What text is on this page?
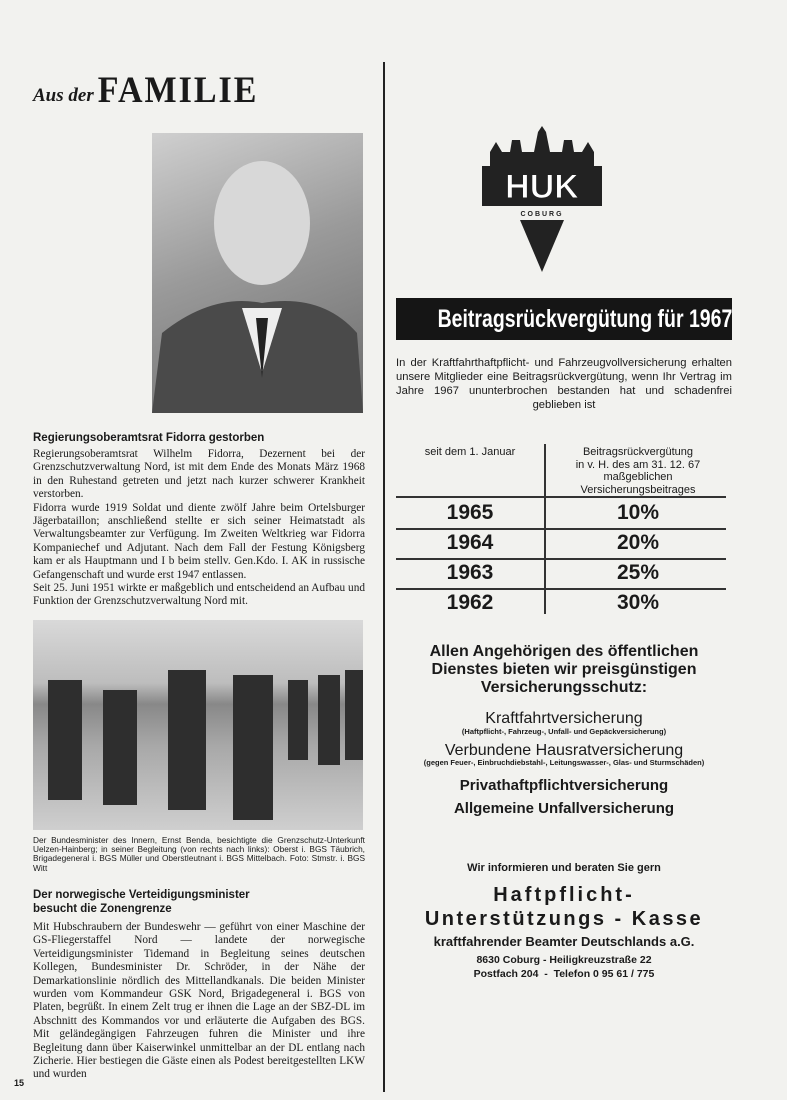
Aus der FAMILIE
Regierungsoberamtsrat Fidorra gestorben

Regierungsoberamtsrat Wilhelm Fidorra, Dezernent bei der Grenzschutzverwaltung Nord, ist mit dem Ende des Monats März 1968 in den Ruhestand getreten und jetzt nach kurzer schwerer Krankheit verstorben.

Fidorra wurde 1919 Soldat und diente zwölf Jahre beim Ortelsburger Jägerbataillon; anschließend stellte er sich seiner Heimatstadt als Verwaltungsbeamter zur Verfügung. Im Zweiten Weltkrieg war Fidorra Kompaniechef und Adjutant. Nach dem Fall der Festung Königsberg kam er als Hauptmann und I b beim stellv. Gen.Kdo. I. AK in russische Gefangenschaft und wurde erst 1947 entlassen.

Seit 25. Juni 1951 wirkte er maßgeblich und entscheidend an Aufbau und Funktion der Grenzschutzverwaltung Nord mit.

Der Bundesminister des Innern, Ernst Benda, besichtigte die Grenzschutz-Unterkunft Uelzen-Hainberg; in seiner Begleitung (von rechts nach links): Oberst i. BGS Täubrich, Brigadegeneral i. BGS Müller und Oberstleutnant i. BGS Mittelbach. Foto: Stmstr. i. BGS Witt

Der norwegische Verteidigungsminister
besucht die Zonengrenze

Mit Hubschraubern der Bundeswehr — geführt von einer Maschine der GS-Fliegerstaffel Nord — landete der norwegische Verteidigungsminister Tidemand in Begleitung seines deutschen Kollegen, Bundesminister Dr. Schröder, in der Nähe der Demarkationslinie nördlich des Mittellandkanals. Die beiden Minister wurden vom Kommandeur GSK Nord, Brigadegeneral i. BGS von Platen, begrüßt. In einem Zelt trug er ihnen die Lage an der SBZ-DL im Abschnitt des Kommandos vor und erläuterte die Aufgaben des BGS. Mit geländegängigen Fahrzeugen fuhren die Minister und ihre Begleitung dann über Kaiserwinkel unmittelbar an der DL entlang nach Zicherie. Hier bestiegen die Gäste einen als Podest bereitgestellten LKW und wurden

15
HUK
COBURG
Beitragsrückvergütung für 1967

In der Kraftfahrthaftpflicht- und Fahrzeugvollversicherung erhalten unsere Mitglieder eine Beitragsrückvergütung, wenn Ihr Vertrag im Jahre 1967 ununterbrochen bestanden hat und schadenfrei geblieben ist

seit dem 1. Januar	Beitragsrückvergütung
in v. H. des am 31. 12. 67
maßgeblichen
Versicherungsbeitrages
1965	10%
1964	20%
1963	25%
1962	30%
Allen Angehörigen des öffentlichen
Dienstes bieten wir preisgünstigen
Versicherungsschutz:
Kraftfahrtversicherung
(Haftpflicht-, Fahrzeug-, Unfall- und Gepäckversicherung)
Verbundene Hausratversicherung
(gegen Feuer-, Einbruchdiebstahl-, Leitungswasser-, Glas- und Sturmschäden)
Privathaftpflichtversicherung
Allgemeine Unfallversicherung
Wir informieren und beraten Sie gern
Haftpflicht-
Unterstützungs - Kasse
kraftfahrender Beamter Deutschlands a.G.
8630 Coburg - Heiligkreuzstraße 22
Postfach 204  -  Telefon 0 95 61 / 775
